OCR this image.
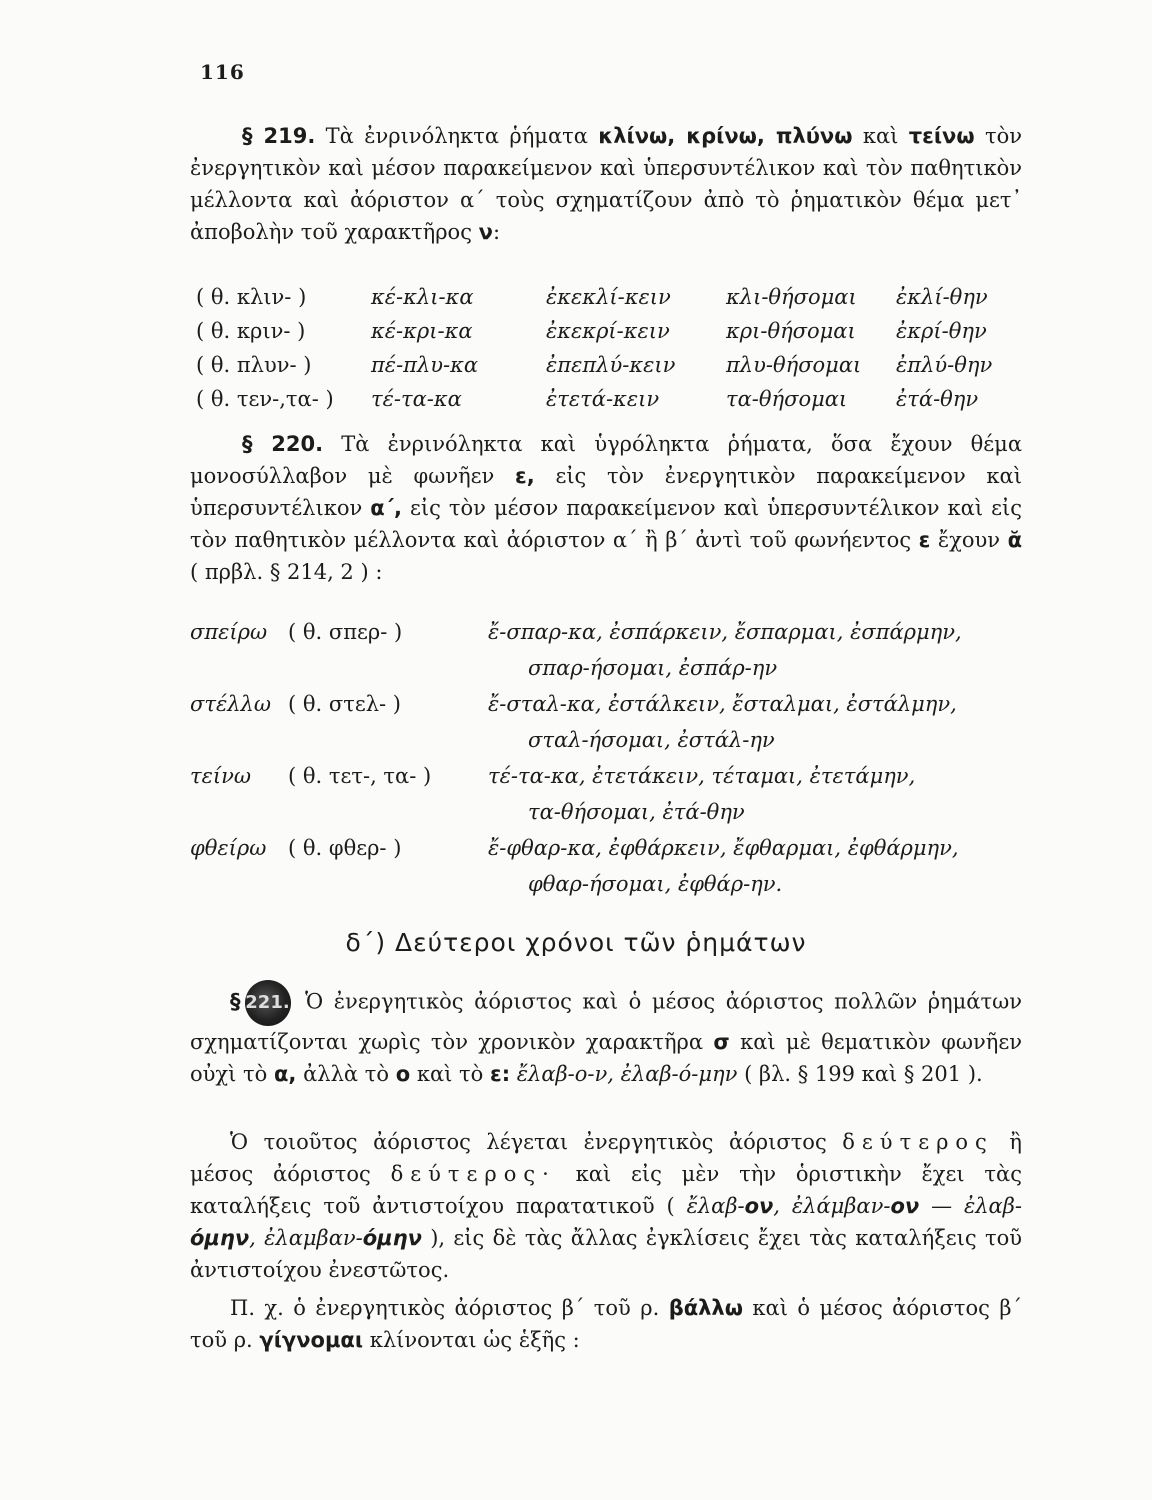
116

§ 219. Τὰ ἐνρινόληκτα ῥήματα κλίνω, κρίνω, πλύνω καὶ τείνω τὸν ἐνεργητικὸν καὶ μέσον παρακείμενον καὶ ὑπερσυντέλικον καὶ τὸν παθητικὸν μέλλοντα καὶ ἀόριστον α΄ τοὺς σχηματίζουν ἀπὸ τὸ ῥηματικὸν θέμα μετ᾽ ἀποβολὴν τοῦ χαρακτῆρος ν:

( θ. κλιν- )	κέ-κλι-κα	ἐκεκλί-κειν	κλι-θήσομαι	ἐκλί-θην
( θ. κριν- )	κέ-κρι-κα	ἐκεκρί-κειν	κρι-θήσομαι	ἐκρί-θην
( θ. πλυν- )	πέ-πλυ-κα	ἐπεπλύ-κειν	πλυ-θήσομαι	ἐπλύ-θην
( θ. τεν-,τα- )	τέ-τα-κα	ἐτετά-κειν	τα-θήσομαι	ἐτά-θην

§ 220. Τὰ ἐνρινόληκτα καὶ ὑγρόληκτα ῥήματα, ὅσα ἔχουν θέμα μονοσύλλαβον μὲ φωνῆεν ε, εἰς τὸν ἐνεργητικὸν παρακείμενον καὶ ὑπερσυντέλικον α΄, εἰς τὸν μέσον παρακείμενον καὶ ὑπερσυντέλικον καὶ εἰς τὸν παθητικὸν μέλλοντα καὶ ἀόριστον α΄ ἢ β΄ ἀντὶ τοῦ φωνήεντος ε ἔχουν ᾰ ( πρβλ. § 214, 2 ) :

σπείρω	( θ. σπερ- )	ἔ-σπαρ-κα, ἐσπάρκειν, ἔσπαρμαι, ἐσπάρμην,
σπαρ-ήσομαι, ἐσπάρ-ην

στέλλω	( θ. στελ- )	ἔ-σταλ-κα, ἐστάλκειν, ἔσταλμαι, ἐστάλμην,
σταλ-ήσομαι, ἐστάλ-ην

τείνω	( θ. τετ-, τα- )	τέ-τα-κα, ἐτετάκειν, τέταμαι, ἐτετάμην,
τα-θήσομαι, ἐτά-θην

φθείρω	( θ. φθερ- )	ἔ-φθαρ-κα, ἐφθάρκειν, ἔφθαρμαι, ἐφθάρμην,
φθαρ-ήσομαι, ἐφθάρ-ην.
δ΄) Δεύτεροι χρόνοι τῶν ῥημάτων

§ 221. Ὁ ἐνεργητικὸς ἀόριστος καὶ ὁ μέσος ἀόριστος πολλῶν ῥημάτων σχηματίζονται χωρὶς τὸν χρονικὸν χαρακτῆρα σ καὶ μὲ θεματικὸν φωνῆεν οὐχὶ τὸ α, ἀλλὰ τὸ ο καὶ τὸ ε: ἔλαβ-ο-ν, ἐλαβ-ό-μην ( βλ. § 199 καὶ § 201 ).

Ὁ τοιοῦτος ἀόριστος λέγεται ἐνεργητικὸς ἀόριστος δεύτερος ἢ μέσος ἀόριστος δεύτερος· καὶ εἰς μὲν τὴν ὁριστικὴν ἔχει τὰς καταλήξεις τοῦ ἀντιστοίχου παρατατικοῦ ( ἔλαβ-ον, ἐλάμβαν-ον — ἐλαβ-όμην, ἐλαμβαν-όμην ), εἰς δὲ τὰς ἄλλας ἐγκλίσεις ἔχει τὰς καταλήξεις τοῦ ἀντιστοίχου ἐνεστῶτος.

Π. χ. ὁ ἐνεργητικὸς ἀόριστος β΄ τοῦ ρ. βάλλω καὶ ὁ μέσος ἀόριστος β΄ τοῦ ρ. γίγνομαι κλίνονται ὡς ἑξῆς :
